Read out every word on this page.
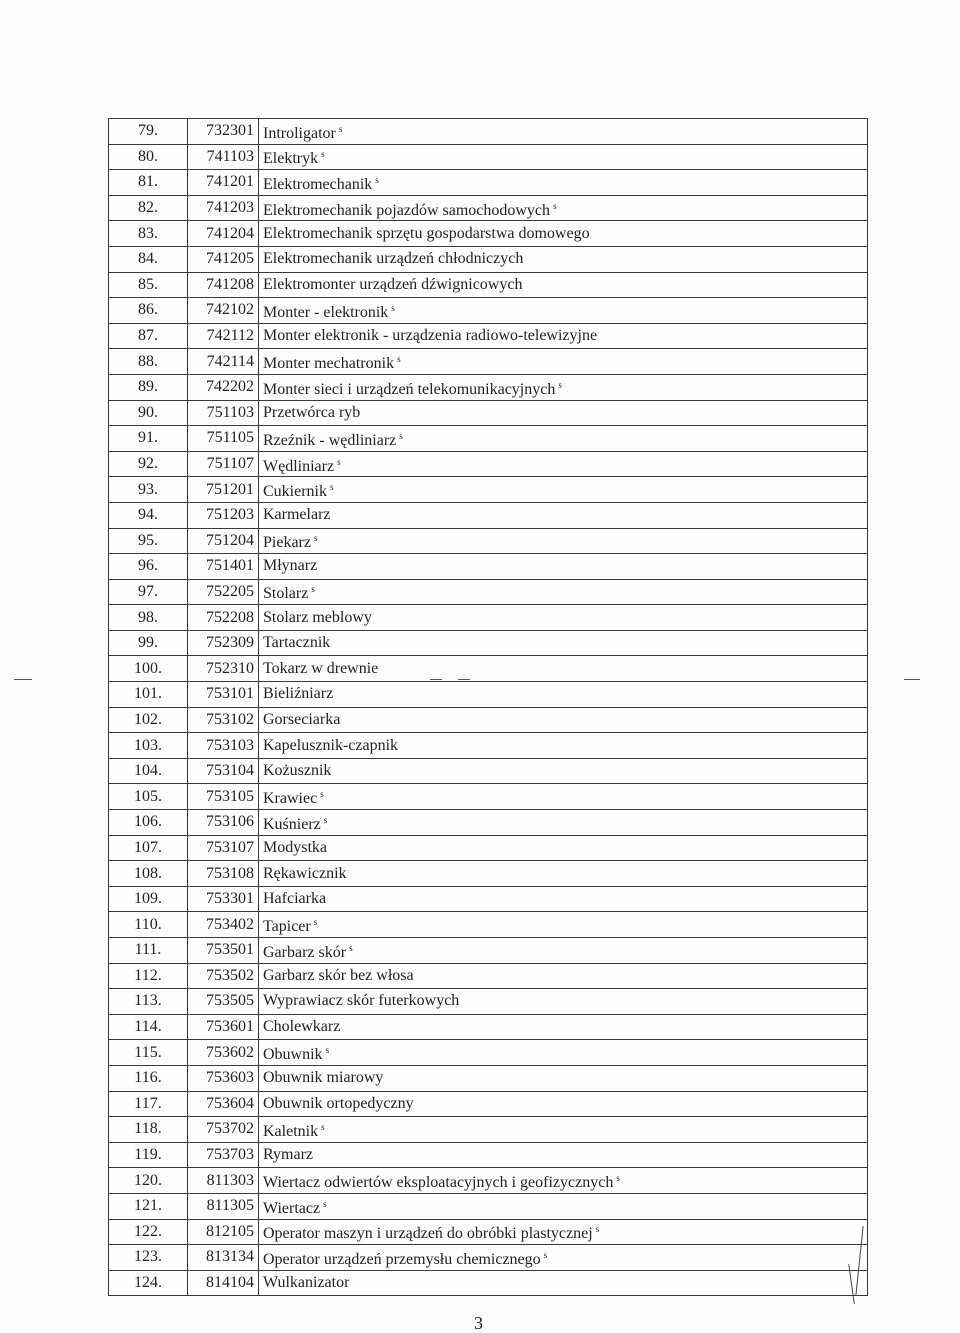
79.	732301	Introligator $^s$
80.	741103	Elektryk $^s$
81.	741201	Elektromechanik $^s$
82.	741203	Elektromechanik pojazdów samochodowych $^s$
83.	741204	Elektromechanik sprzętu gospodarstwa domowego
84.	741205	Elektromechanik urządzeń chłodniczych
85.	741208	Elektromonter urządzeń dźwignicowych
86.	742102	Monter - elektronik $^s$
87.	742112	Monter elektronik - urządzenia radiowo-telewizyjne
88.	742114	Monter mechatronik $^s$
89.	742202	Monter sieci i urządzeń telekomunikacyjnych $^s$
90.	751103	Przetwórca ryb
91.	751105	Rzeźnik - wędliniarz $^s$
92.	751107	Wędliniarz $^s$
93.	751201	Cukiernik $^s$
94.	751203	Karmelarz
95.	751204	Piekarz $^s$
96.	751401	Młynarz
97.	752205	Stolarz $^s$
98.	752208	Stolarz meblowy
99.	752309	Tartacznik
100.	752310	Tokarz w drewnie
101.	753101	Bieliźniarz
102.	753102	Gorseciarka
103.	753103	Kapelusznik-czapnik
104.	753104	Kożusznik
105.	753105	Krawiec $^s$
106.	753106	Kuśnierz $^s$
107.	753107	Modystka
108.	753108	Rękawicznik
109.	753301	Hafciarka
110.	753402	Tapicer $^s$
111.	753501	Garbarz skór $^s$
112.	753502	Garbarz skór bez włosa
113.	753505	Wyprawiacz skór futerkowych
114.	753601	Cholewkarz
115.	753602	Obuwnik $^s$
116.	753603	Obuwnik miarowy
117.	753604	Obuwnik ortopedyczny
118.	753702	Kaletnik $^s$
119.	753703	Rymarz
120.	811303	Wiertacz odwiertów eksploatacyjnych i geofizycznych $^s$
121.	811305	Wiertacz $^s$
122.	812105	Operator maszyn i urządzeń do obróbki plastycznej $^s$
123.	813134	Operator urządzeń przemysłu chemicznego $^s$
124.	814104	Wulkanizator
3
